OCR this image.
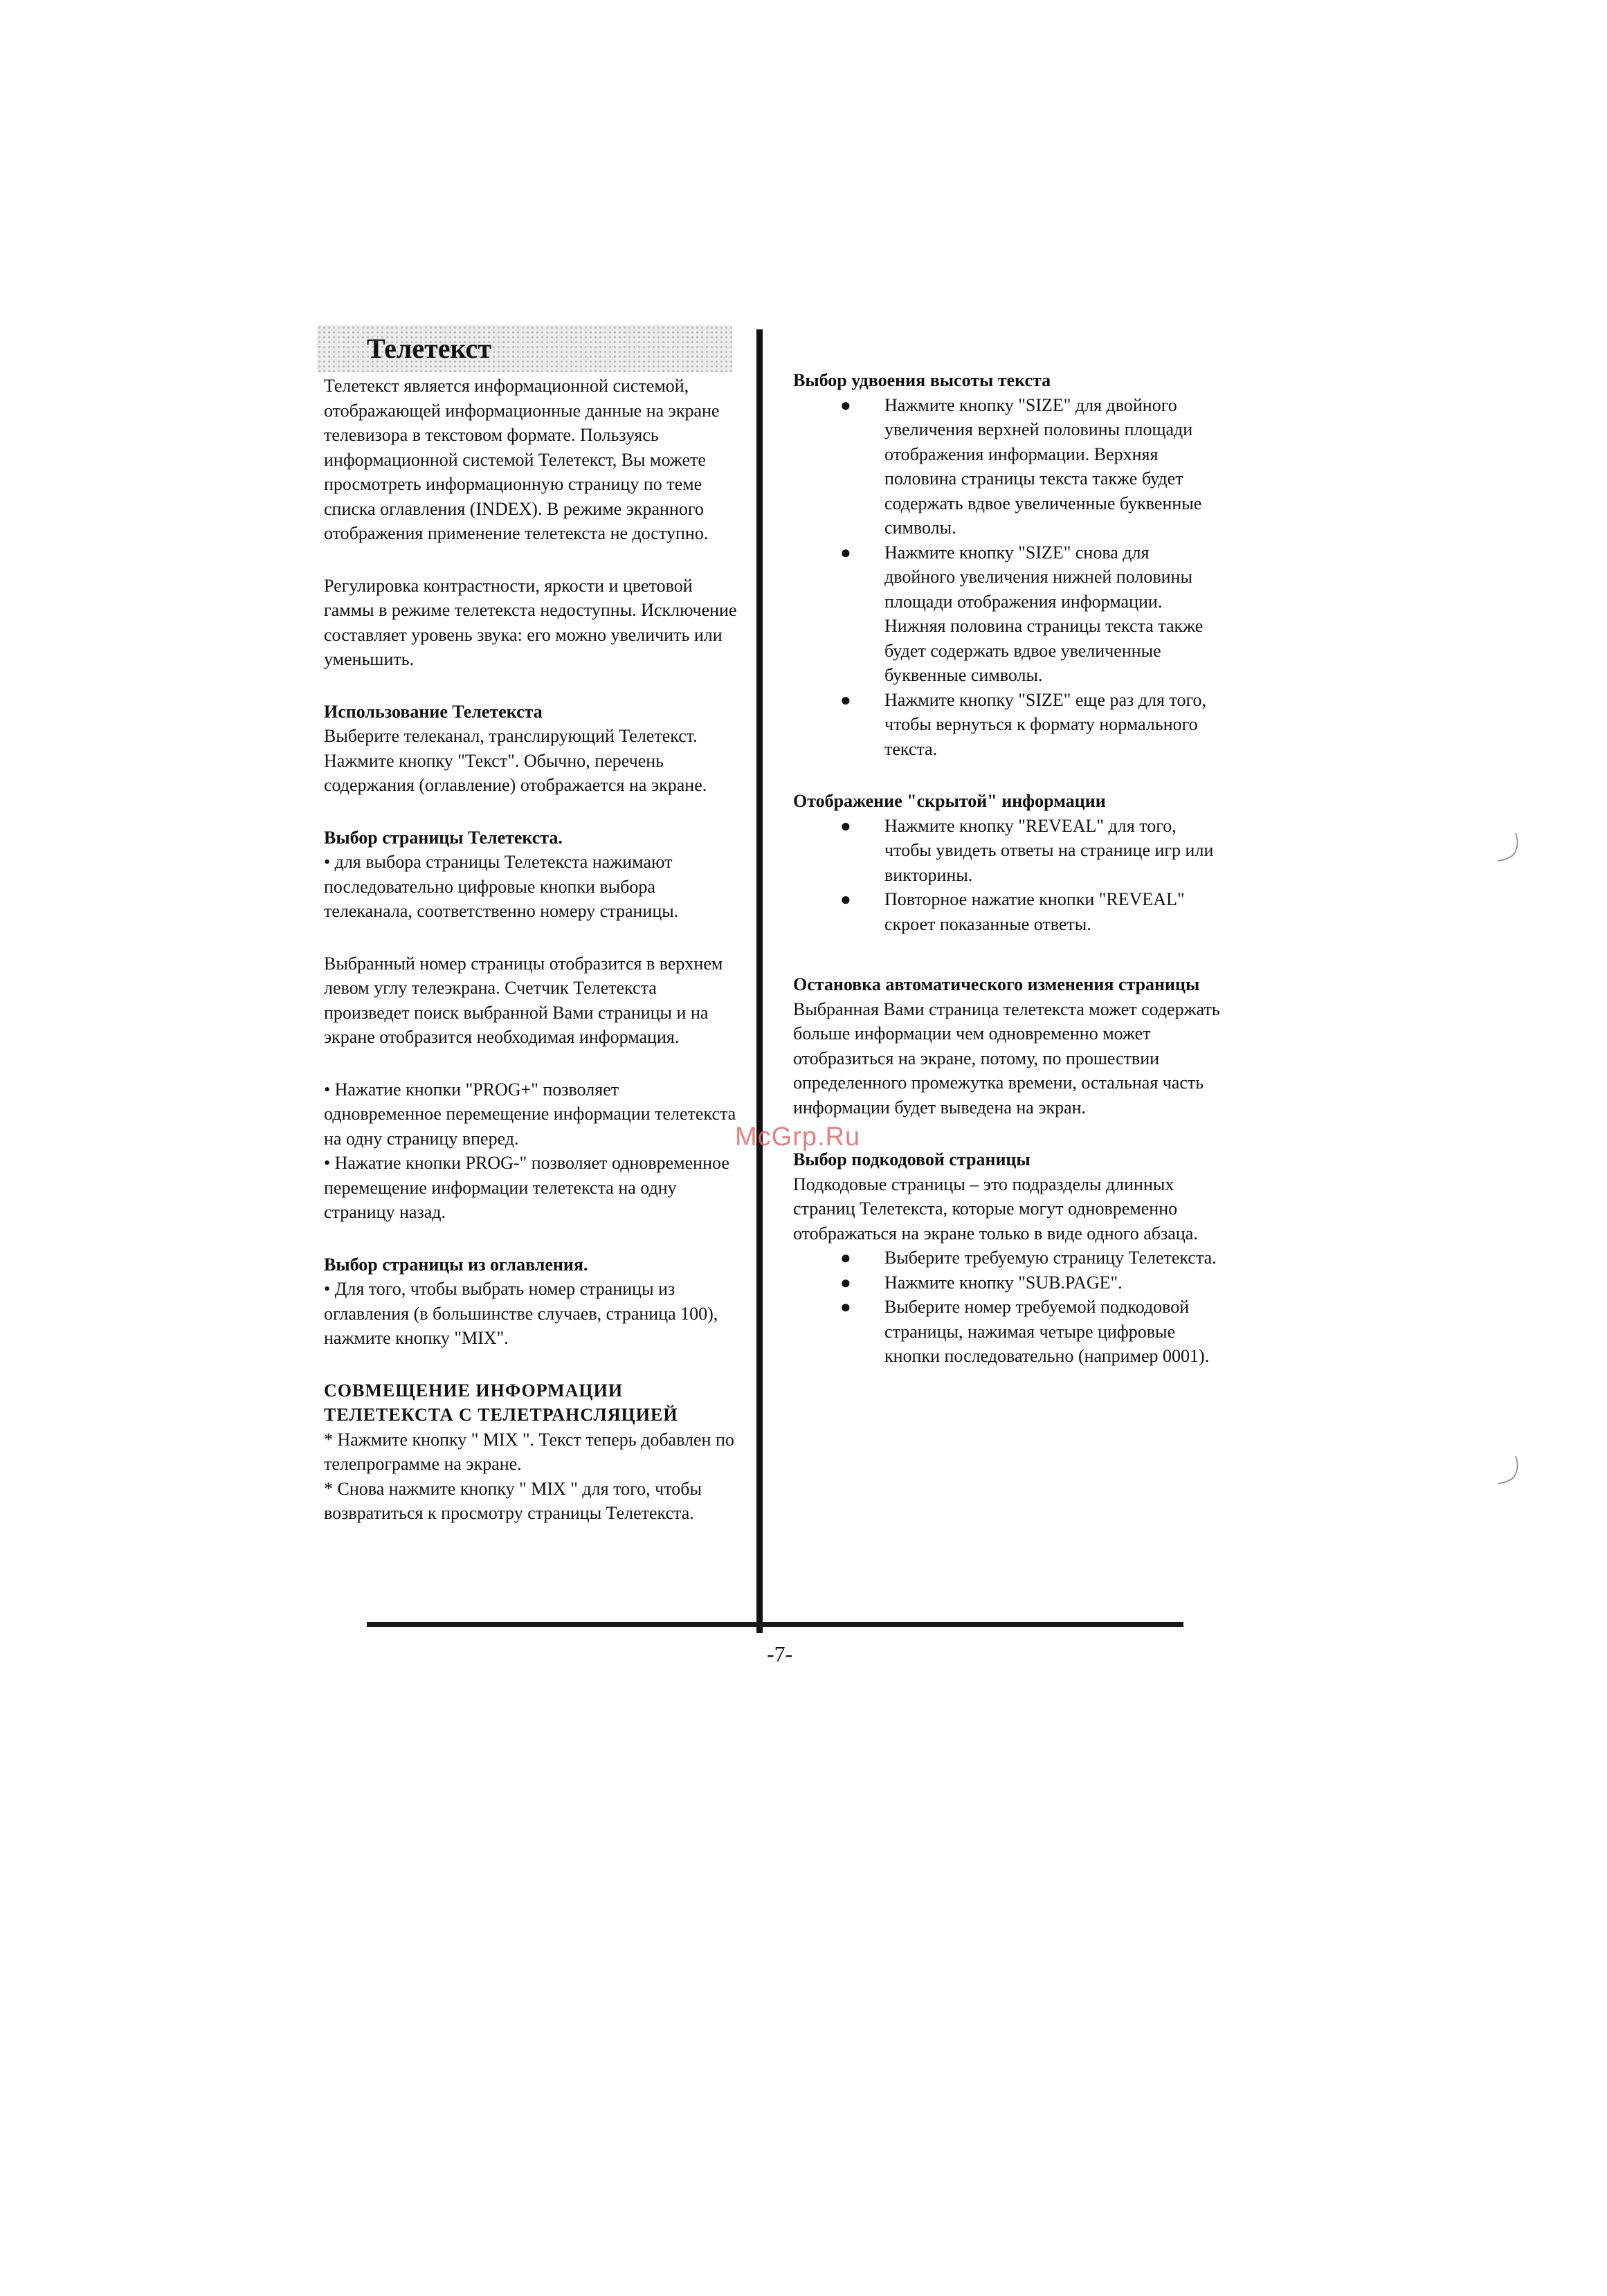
Телетекст

Телетекст является информационной системой, отображающей информационные данные на экране телевизора в текстовом формате. Пользуясь информационной системой Телетекст, Вы можете просмотреть информационную страницу по теме списка оглавления (INDEX). В режиме экранного отображения применение телетекста не доступно.

Регулировка контрастности, яркости и цветовой гаммы в режиме телетекста недоступны. Исключение составляет уровень звука: его можно увеличить или уменьшить.

Использование Телетекста

Выберите телеканал, транслирующий Телетекст. Нажмите кнопку "Текст". Обычно, перечень содержания (оглавление) отображается на экране.

Выбор страницы Телетекста.

• для выбора страницы Телетекста нажимают последовательно цифровые кнопки выбора телеканала, соответственно номеру страницы.

Выбранный номер страницы отобразится в верхнем левом углу телеэкрана. Счетчик Телетекста произведет поиск выбранной Вами страницы и на экране отобразится необходимая информация.

• Нажатие кнопки "PROG+" позволяет одновременное перемещение информации телетекста на одну страницу вперед.

• Нажатие кнопки PROG-" позволяет одновременное перемещение информации телетекста на одну страницу назад.

Выбор страницы из оглавления.

• Для того, чтобы выбрать номер страницы из оглавления (в большинстве случаев, страница 100), нажмите кнопку "MIX".

СОВМЕЩЕНИЕ ИНФОРМАЦИИ ТЕЛЕТЕКСТА С ТЕЛЕТРАНСЛЯЦИЕЙ

* Нажмите кнопку " MIX ". Текст теперь добавлен по телепрограмме на экране.

* Снова нажмите кнопку " MIX " для того, чтобы возвратиться к просмотру страницы Телетекста.

Выбор удвоения высоты текста

● Нажмите кнопку "SIZE" для двойного увеличения верхней половины площади отображения информации. Верхняя половина страницы текста также будет содержать вдвое увеличенные буквенные символы.
● Нажмите кнопку "SIZE" снова для двойного увеличения нижней половины площади отображения информации. Нижняя половина страницы текста также будет содержать вдвое увеличенные буквенные символы.
● Нажмите кнопку "SIZE" еще раз для того, чтобы вернуться к формату нормального текста.

Отображение "скрытой" информации

● Нажмите кнопку "REVEAL" для того, чтобы увидеть ответы на странице игр или викторины.
● Повторное нажатие кнопки "REVEAL" скроет показанные ответы.

Остановка автоматического изменения страницы

Выбранная Вами страница телетекста может содержать больше информации чем одновременно может отобразиться на экране, потому, по прошествии определенного промежутка времени, остальная часть информации будет выведена на экран.

Выбор подкодовой страницы

Подкодовые страницы – это подразделы длинных страниц Телетекста, которые могут одновременно отображаться на экране только в виде одного абзаца.

● Выберите требуемую страницу Телетекста.
● Нажмите кнопку "SUB.PAGE".
● Выберите номер требуемой подкодовой страницы, нажимая четыре цифровые кнопки последовательно (например 0001).
McGrp.Ru
-7-
